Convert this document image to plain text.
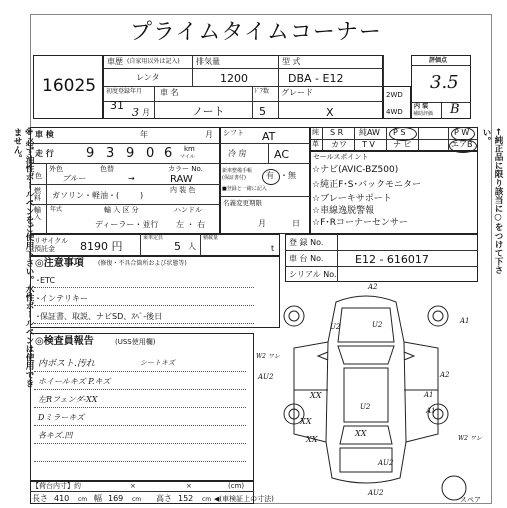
プライムタイムコーナー
※必ず油性ボールペンをご使用下さい。水性ボールペンは使用できません。	←純正品に限り該当に○をつけて下さい。
16025
車歴 (自家用以外は記入)
レンタ
排気量
1200
型 式
DBA - E12
初度登録年月
31
3 月
車 名
ノート
ﾄﾞｱ数
5
グレード
X
2WD
4WD
評価点
3.5
内 装
補助評価 B
車 検	年	月
走 行 9 3 9 0 6 km
マイル
外色
色
色替
ブルー	→
カラー No.
RAW
燃料	ガソリン・軽油・(	)
内 装 色
輸入
年式	輸 入 区 分
ディーラー・並行
ハンドル
左 ・ 右
シフト AT
冷 房 AC
新車整備手帳(保証書付)	有 ・無
■登録と一緒に記入
名義変更期限
月	日
純 S R 純AW P S	P W
革 カワ T V ナ ビ	エアB
セールスポイント
☆ナビ(AVIC-BZ500)
☆純正F･S･バックモニター
☆ブレーキサポート
☆車線逸脱警報
☆F･Rコーナーセンサー
リサイクル預託金	8190 円
乗車定員
5 人
積載量
t
登 録 No.
車 台 No.	E12 - 616017
シリアル No.
◎注意事項 (修復・不具合箇所および状態等)
･ETC
･インテリキー
･保証書、取説、ナビSD、ｽﾍﾟ-後日
◎検査員報告	(USS使用欄)
内ボスト.汚れ	シートキズ
ホイールキズ P.キズ
左Rフェンダ-XX
Dミラーキズ
各キズ.凹
A2
U2	A1
U2
W2 ワレ
AU2	A2
XX
XX
XX
A1
A1
U2
XX
W2 ワレ
AU2
AU2
スペア
【荷台内寸】約	×	×	(cm)
長さ 410 cm 幅 169 cm 高さ 152 cm ◀(車検証上の寸法)
